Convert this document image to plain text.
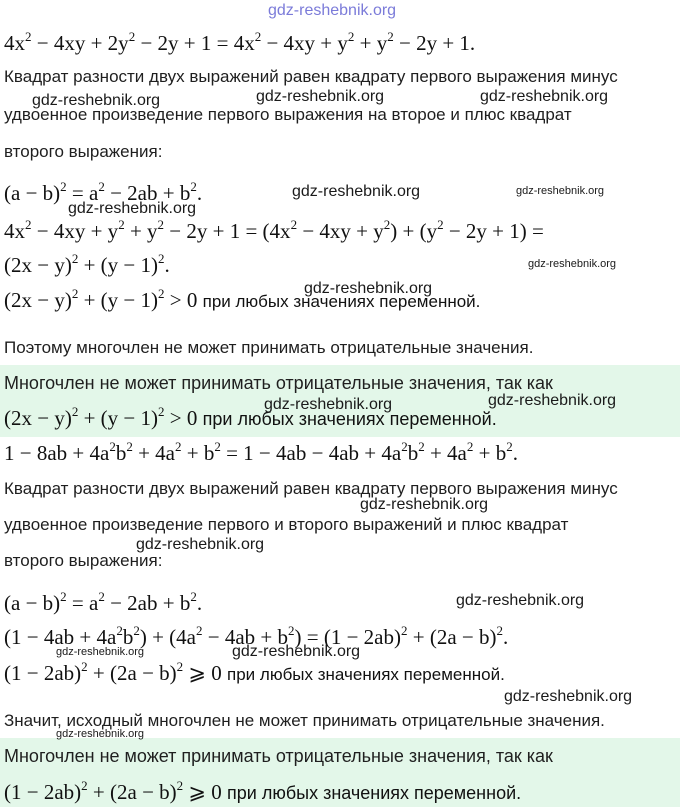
$4x^2 - 4xy + 2y^2 - 2y + 1 = 4x^2 - 4xy + y^2 + y^2 - 2y + 1$.
Квадрат разности двух выражений равен квадрату первого выражения минус
удвоенное произведение первого выражения на второе и плюс квадрат
второго выражения:
$(a - b)^2 = a^2 - 2ab + b^2$.
$4x^2 - 4xy + y^2 + y^2 - 2y + 1 = (4x^2 - 4xy + y^2) + (y^2 - 2y + 1)$ =
$(2x - y)^2 + (y - 1)^2$.
$(2x - y)^2 + (y - 1)^2 > 0$ при любых значениях переменной.
Поэтому многочлен не может принимать отрицательные значения.
Многочлен не может принимать отрицательные значения, так как
$(2x - y)^2 + (y - 1)^2 > 0$ при любых значениях переменной.
$1 - 8ab + 4a^2b^2 + 4a^2 + b^2 = 1 - 4ab - 4ab + 4a^2b^2 + 4a^2 + b^2$.
Квадрат разности двух выражений равен квадрату первого выражения минус
удвоенное произведение первого и второго выражений и плюс квадрат
второго выражения:
$(a - b)^2 = a^2 - 2ab + b^2$.
$(1 - 4ab + 4a^2b^2) + (4a^2 - 4ab + b^2) = (1 - 2ab)^2 + (2a - b)^2$.
$(1 - 2ab)^2 + (2a - b)^2$ ⩾ 0 при любых значениях переменной.
Значит, исходный многочлен не может принимать отрицательные значения.
Многочлен не может принимать отрицательные значения, так как
$(1 - 2ab)^2 + (2a - b)^2$ ⩾ 0 при любых значениях переменной.
gdz-reshebnik.org
gdz-reshebnik.org	gdz-reshebnik.org	gdz-reshebnik.org
gdz-reshebnik.org	gdz-reshebnik.org
gdz-reshebnik.org
gdz-reshebnik.org
gdz-reshebnik.org
gdz-reshebnik.org
gdz-reshebnik.org
gdz-reshebnik.org
gdz-reshebnik.org
gdz-reshebnik.org
gdz-reshebnik.org	gdz-reshebnik.org
gdz-reshebnik.org
gdz-reshebnik.org
